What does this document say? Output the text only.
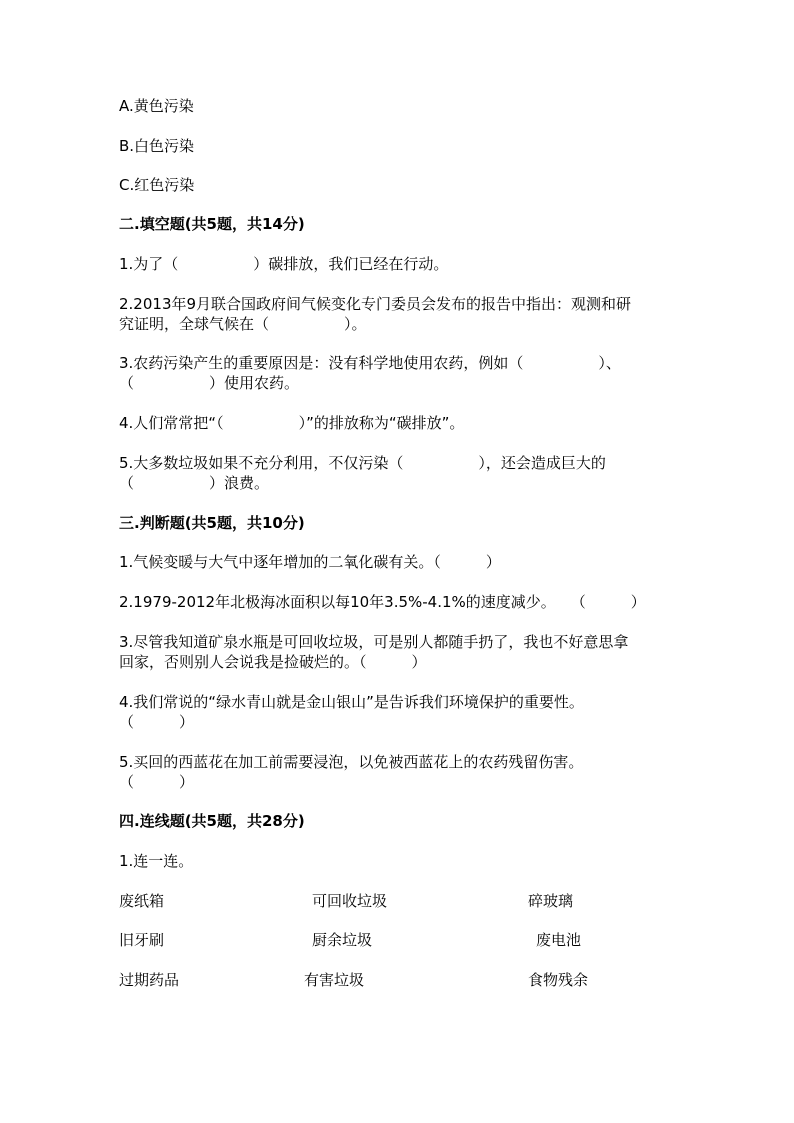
A.黄色污染
B.白色污染
C.红色污染
二.填空题(共5题，共14分)
1.为了（　　　　　）碳排放，我们已经在行动。
2.2013年9月联合国政府间气候变化专门委员会发布的报告中指出：观测和研
究证明，全球气候在（　　　　　）。
3.农药污染产生的重要原因是：没有科学地使用农药，例如（　　　　　）、
（　　　　　）使用农药。
4.人们常常把“（　　　　　）”的排放称为“碳排放”。
5.大多数垃圾如果不充分利用，不仅污染（　　　　　），还会造成巨大的
（　　　　　）浪费。
三.判断题(共5题，共10分)
1.气候变暖与大气中逐年增加的二氧化碳有关。（　　　）
2.1979-2012年北极海冰面积以每10年3.5%-4.1%的速度减少。　　（　　　）
3.尽管我知道矿泉水瓶是可回收垃圾，可是别人都随手扔了，我也不好意思拿
回家，否则别人会说我是捡破烂的。（　　　）
4.我们常说的“绿水青山就是金山银山”是告诉我们环境保护的重要性。
（　　　）
5.买回的西蓝花在加工前需要浸泡，以免被西蓝花上的农药残留伤害。
（　　　）
四.连线题(共5题，共28分)
1.连一连。
废纸箱
旧牙刷
过期药品
可回收垃圾
厨余垃圾
有害垃圾
碎玻璃
废电池
食物残余
